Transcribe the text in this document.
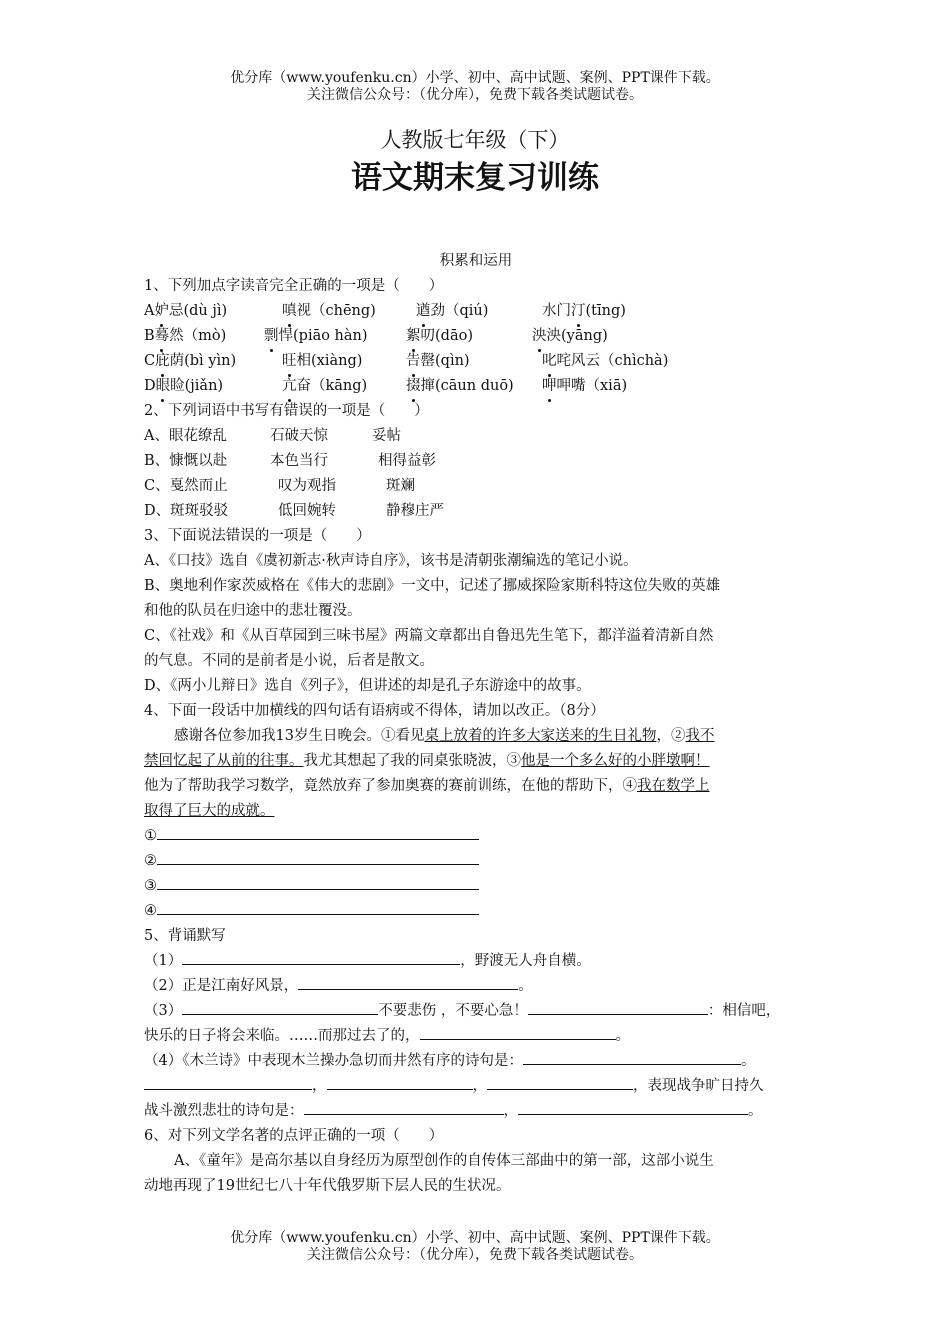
优分库（www.youfenku.cn）小学、初中、高中试题、案例、PPT课件下载。
关注微信公众号：（优分库），免费下载各类试题试卷。
人教版七年级（下）
语文期末复习训练
积累和运用
1、下列加点字读音完全正确的一项是（　　）
A妒忌(dù jì)	嗔视（chēng)	遒劲（qiú)	水门汀(tīng)
B蓦然（mò)	剽悍(piāo hàn)	絮叨(dāo)	泱泱(yāng)
C庇荫(bì yìn)	旺相(xiàng)	告罄(qìn)	叱咤风云（chìchà)
D眼睑(jiǎn)	亢奋（kāng)	掇撺(cāun duō) 呷呷嘴（xiā)
2、下列词语中书写有错误的一项是（　　）
A、眼花缭乱	石破天惊	妥帖
B、慷慨以赴	本色当行	相得益彰
C、戛然而止	叹为观指	斑斓
D、斑斑驳驳	低回婉转	静穆庄严
3、下面说法错误的一项是（　　）
A、《口技》选自《虞初新志·秋声诗自序》，该书是清朝张潮编选的笔记小说。
B、奥地利作家茨威格在《伟大的悲剧》一文中，记述了挪威探险家斯科特这位失败的英雄
和他的队员在归途中的悲壮覆没。
C、《社戏》和《从百草园到三味书屋》两篇文章都出自鲁迅先生笔下，都洋溢着清新自然
的气息。不同的是前者是小说，后者是散文。
D、《两小儿辩日》选自《列子》，但讲述的却是孔子东游途中的故事。
4、下面一段话中加横线的四句话有语病或不得体，请加以改正。（8分）
感谢各位参加我13岁生日晚会。①看见桌上放着的许多大家送来的生日礼物，②我不
禁回忆起了从前的往事。我尤其想起了我的同桌张晓波，③他是一个多么好的小胖墩啊！
他为了帮助我学习数学，竟然放弃了参加奥赛的赛前训练，在他的帮助下，④我在数学上
取得了巨大的成就。
①
②
③
④
5、背诵默写
（1）	，野渡无人舟自横。
（2）正是江南好风景，	。
（3）	不要悲伤 ，不要心急！	：相信吧，
快乐的日子将会来临。……而那过去了的，	。
（4）《木兰诗》中表现木兰操办急切而井然有序的诗句是：	。
，	，	，表现战争旷日持久
战斗激烈悲壮的诗句是：	，	。
6、对下列文学名著的点评正确的一项（　　）
A、《童年》是高尔基以自身经历为原型创作的自传体三部曲中的第一部，这部小说生
动地再现了19世纪七八十年代俄罗斯下层人民的生状况。
优分库（www.youfenku.cn）小学、初中、高中试题、案例、PPT课件下载。
关注微信公众号：（优分库），免费下载各类试题试卷。
